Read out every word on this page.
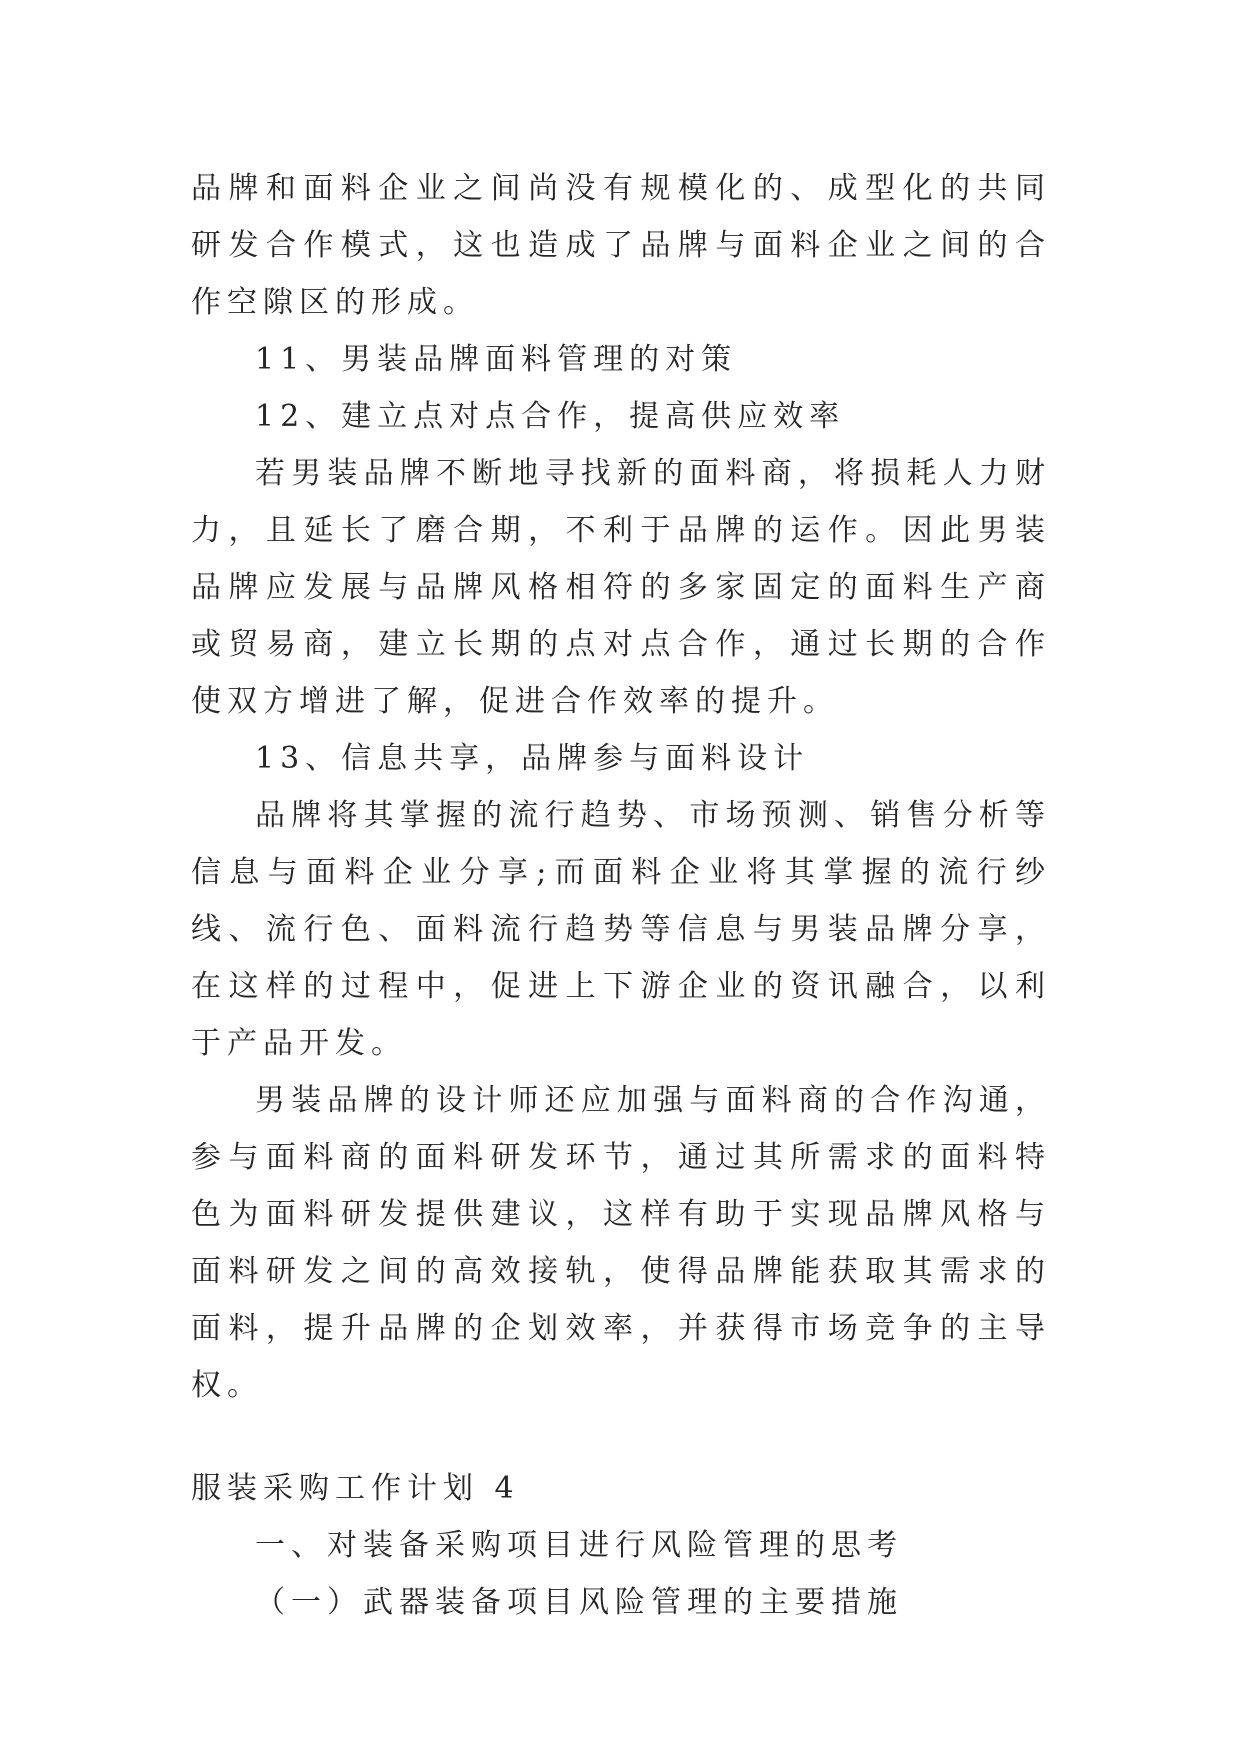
品牌和面料企业之间尚没有规模化的、成型化的共同研发合作模式，这也造成了品牌与面料企业之间的合作空隙区的形成。

11、男装品牌面料管理的对策

12、建立点对点合作，提高供应效率

若男装品牌不断地寻找新的面料商，将损耗人力财力，且延长了磨合期，不利于品牌的运作。因此男装品牌应发展与品牌风格相符的多家固定的面料生产商或贸易商，建立长期的点对点合作，通过长期的合作使双方增进了解，促进合作效率的提升。

13、信息共享，品牌参与面料设计

品牌将其掌握的流行趋势、市场预测、销售分析等信息与面料企业分享;而面料企业将其掌握的流行纱线、流行色、面料流行趋势等信息与男装品牌分享，在这样的过程中，促进上下游企业的资讯融合，以利于产品开发。

男装品牌的设计师还应加强与面料商的合作沟通，参与面料商的面料研发环节，通过其所需求的面料特色为面料研发提供建议，这样有助于实现品牌风格与面料研发之间的高效接轨，使得品牌能获取其需求的面料，提升品牌的企划效率，并获得市场竞争的主导权。

服装采购工作计划 4

一、对装备采购项目进行风险管理的思考

（一）武器装备项目风险管理的主要措施
